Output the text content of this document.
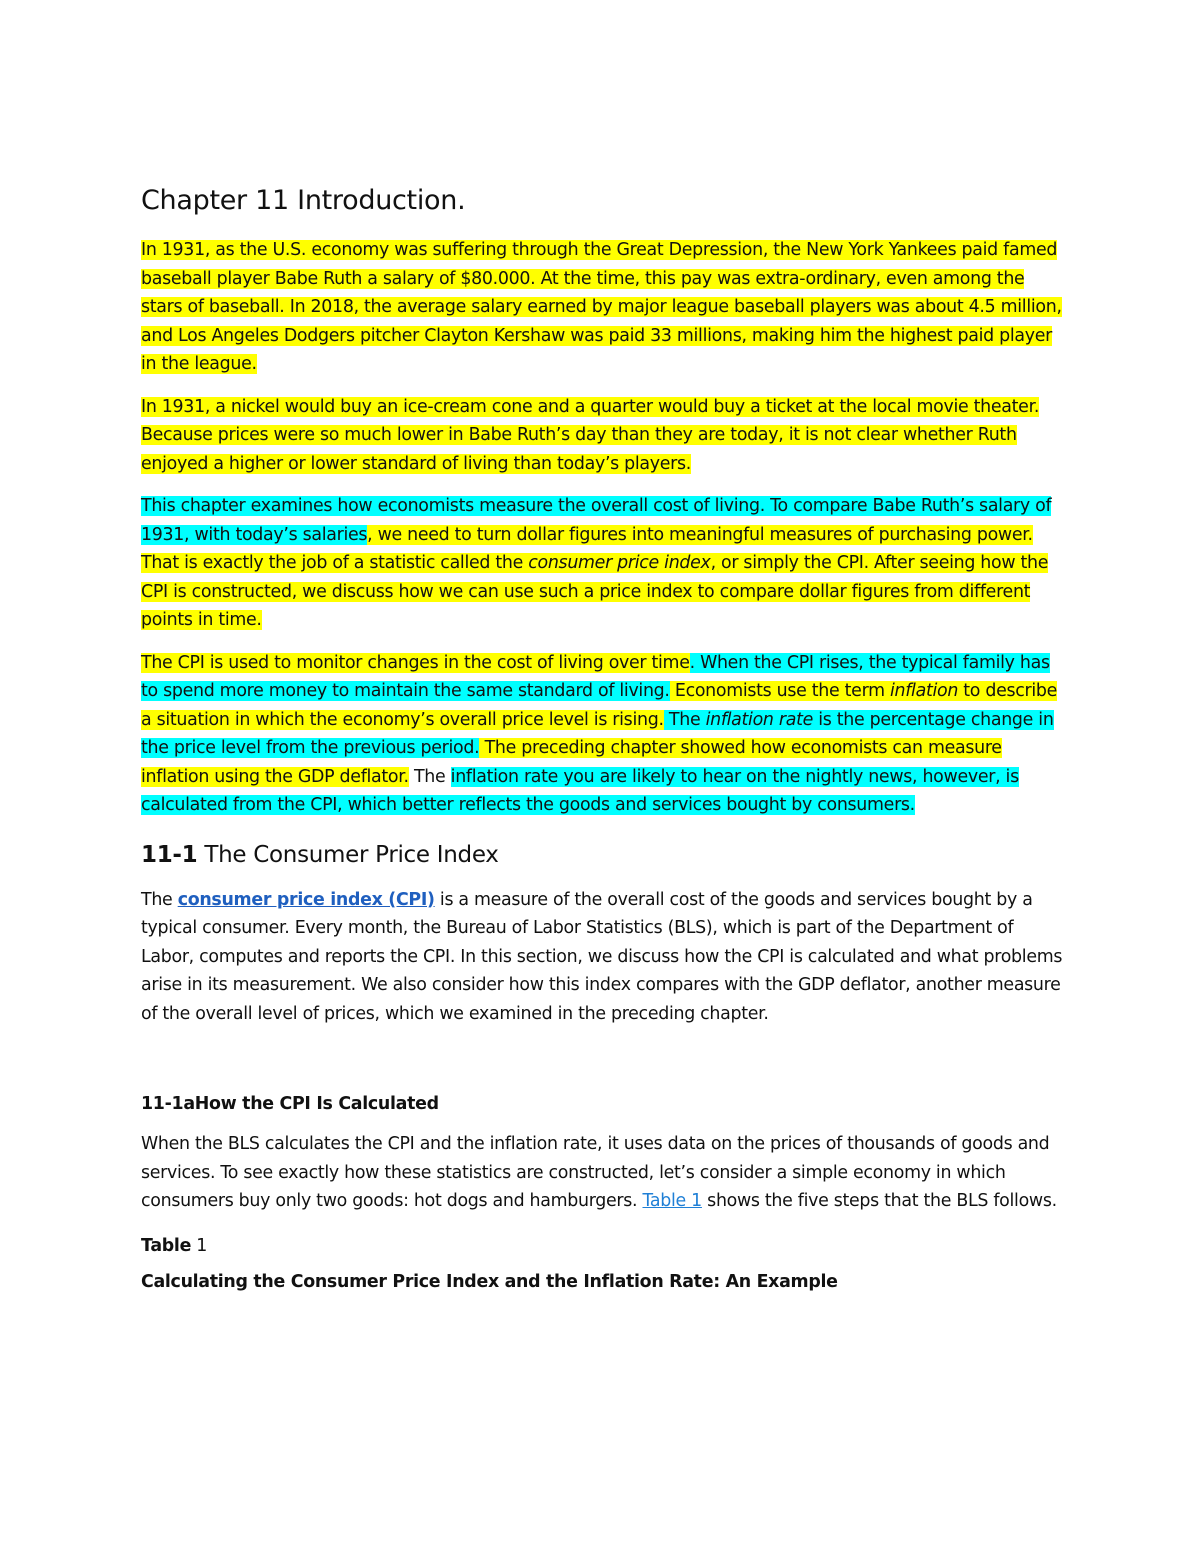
Chapter 11 Introduction.
In 1931, as the U.S. economy was suffering through the Great Depression, the New York Yankees paid famed baseball player Babe Ruth a salary of $80.000. At the time, this pay was extra-ordinary, even among the stars of baseball. In 2018, the average salary earned by major league baseball players was about 4.5 million, and Los Angeles Dodgers pitcher Clayton Kershaw was paid 33 millions, making him the highest paid player in the league.
In 1931, a nickel would buy an ice-cream cone and a quarter would buy a ticket at the local movie theater. Because prices were so much lower in Babe Ruth’s day than they are today, it is not clear whether Ruth enjoyed a higher or lower standard of living than today’s players.
This chapter examines how economists measure the overall cost of living. To compare Babe Ruth’s salary of 1931, with today’s salaries, we need to turn dollar figures into meaningful measures of purchasing power. That is exactly the job of a statistic called the consumer price index, or simply the CPI. After seeing how the CPI is constructed, we discuss how we can use such a price index to compare dollar figures from different points in time.
The CPI is used to monitor changes in the cost of living over time. When the CPI rises, the typical family has to spend more money to maintain the same standard of living. Economists use the term inflation to describe a situation in which the economy’s overall price level is rising. The inflation rate is the percentage change in the price level from the previous period. The preceding chapter showed how economists can measure inflation using the GDP deflator. The inflation rate you are likely to hear on the nightly news, however, is calculated from the CPI, which better reflects the goods and services bought by consumers.
11-1 The Consumer Price Index
The consumer price index (CPI) is a measure of the overall cost of the goods and services bought by a typical consumer. Every month, the Bureau of Labor Statistics (BLS), which is part of the Department of Labor, computes and reports the CPI. In this section, we discuss how the CPI is calculated and what problems arise in its measurement. We also consider how this index compares with the GDP deflator, another measure of the overall level of prices, which we examined in the preceding chapter.
11-1aHow the CPI Is Calculated
When the BLS calculates the CPI and the inflation rate, it uses data on the prices of thousands of goods and services. To see exactly how these statistics are constructed, let’s consider a simple economy in which consumers buy only two goods: hot dogs and hamburgers. Table 1 shows the five steps that the BLS follows.
Table 1
Calculating the Consumer Price Index and the Inflation Rate: An Example
